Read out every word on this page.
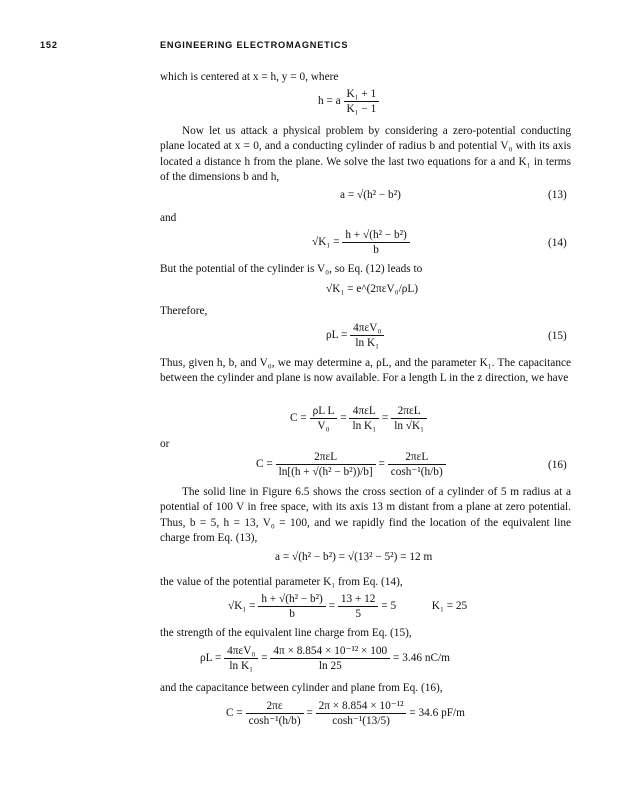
152	ENGINEERING ELECTROMAGNETICS
which is centered at x = h, y = 0, where
h = a $\frac{\text{K₁ + 1}}{\text{K₁ − 1}}$
Now let us attack a physical problem by considering a zero-potential conducting plane located at x = 0, and a conducting cylinder of radius b and potential V₀ with its axis located a distance h from the plane. We solve the last two equations for a and K₁ in terms of the dimensions b and h,
a = √(h² − b²)	(13)
and
$√K_1 = \frac{\text{h + √(h² − b²)}}{b}$	(14)
But the potential of the cylinder is V₀, so Eq. (12) leads to
√K₁ = e^(2πεV₀/ρL)
Therefore,
$\rho L = \frac{\text{4πεV₀}}{\text{ln K₁}}$	(15)
Thus, given h, b, and V₀, we may determine a, ρL, and the parameter K₁. The capacitance between the cylinder and plane is now available. For a length L in the z direction, we have
$C = \frac{\text{ρL L}}{\text{V₀}} = \frac{\text{4πεL}}{\text{ln K₁}} = \frac{\text{2πεL}}{\text{ln √K₁}}$
or
$C = \frac{\text{2πεL}}{\text{ln[(h + √(h² − b²))/b]}} = \frac{\text{2πεL}}{\text{cosh⁻¹(h/b)}}$	(16)
The solid line in Figure 6.5 shows the cross section of a cylinder of 5 m radius at a potential of 100 V in free space, with its axis 13 m distant from a plane at zero potential. Thus, b = 5, h = 13, V₀ = 100, and we rapidly find the location of the equivalent line charge from Eq. (13),
a = √(h² − b²) = √(13² − 5²) = 12 m
the value of the potential parameter K₁ from Eq. (14),
$√K_1 = \frac{\text{h + √(h² − b²)}}{b} = \frac{13 + 12}{5} = 5$	K₁ = 25
the strength of the equivalent line charge from Eq. (15),
$\rho L = \frac{\text{4πεV₀}}{\text{ln K₁}} = \frac{\text{4π × 8.854 × 10⁻¹² × 100}}{\ln 25} = 3.46$ nC/m
and the capacitance between cylinder and plane from Eq. (16),
$C = \frac{2\pi\varepsilon}{\text{cosh⁻¹(h/b)}} = \frac{\text{2π × 8.854 × 10⁻¹²}}{\text{cosh⁻¹(13/5)}} = 34.6$ pF/m
